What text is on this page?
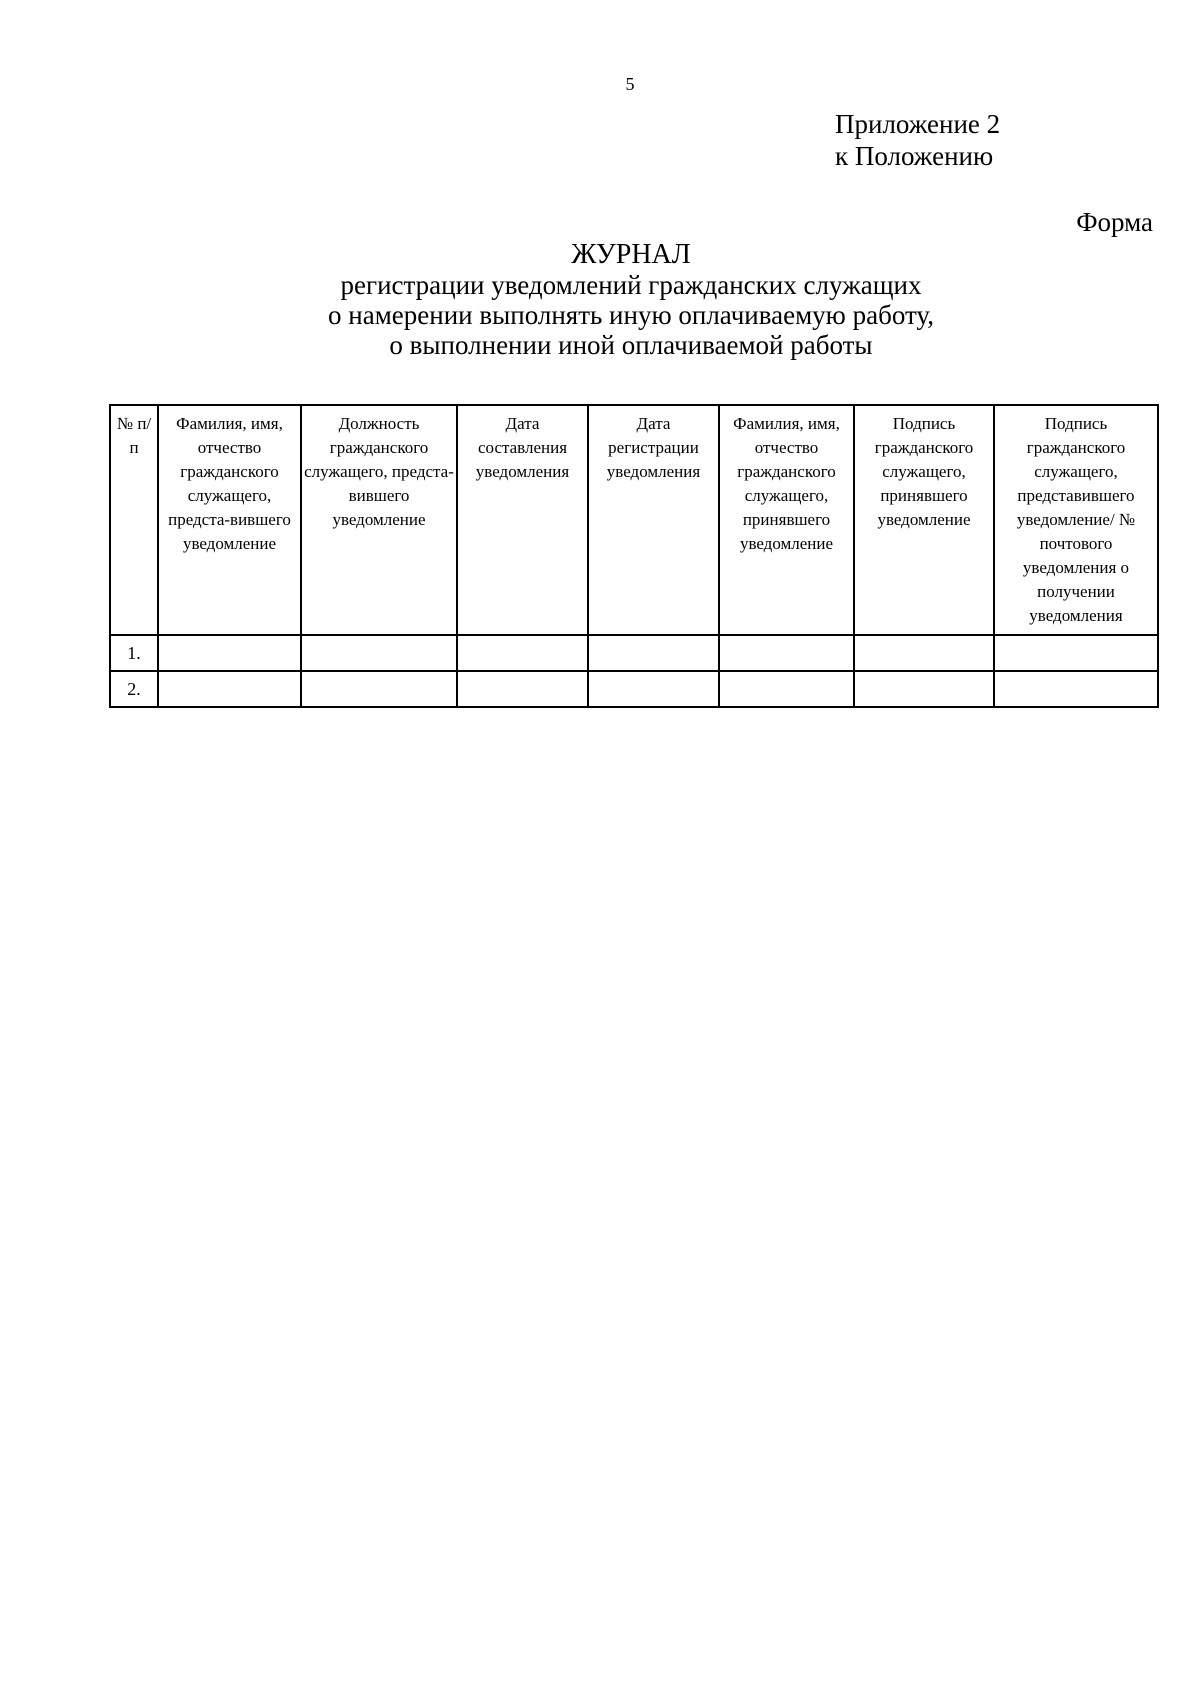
5
Приложение 2
к Положению
Форма
ЖУРНАЛ
регистрации уведомлений гражданских служащих
о намерении выполнять иную оплачиваемую работу,
о выполнении иной оплачиваемой работы
№ п/п	Фамилия, имя, отчество гражданского служащего, предста-вившего уведомление	Должность гражданского служащего, предста-вившего уведомление	Дата составления уведомления	Дата регистрации уведомления	Фамилия, имя, отчество гражданского служащего, принявшего уведомление	Подпись гражданского служащего, принявшего уведомление	Подпись гражданского служащего, представившего уведомление/ № почтового уведомления о получении уведомления
1.							
2.							
